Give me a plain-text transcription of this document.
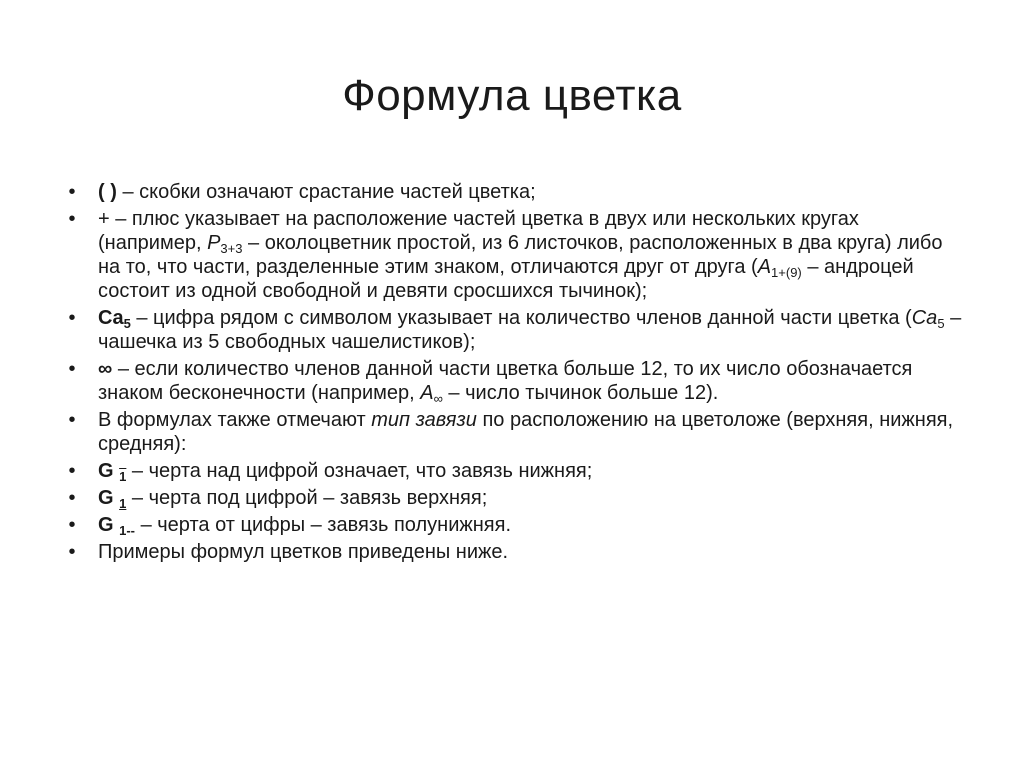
Формула цветка
•	( ) – скобки означают срастание частей цветка;
•	+ – плюс указывает на расположение частей цветка в двух или нескольких кругах (например, $P_{3+3}$ – околоцветник простой, из 6 листочков, расположенных в два круга) либо на то, что части, разделенные этим знаком, отличаются друг от друга ($A_{1+(9)}$ – андроцей состоит из одной свободной и девяти сросшихся тычинок);
•	$Ca_5$ – цифра рядом с символом указывает на количество членов данной части цветка ($Ca_5$ – чашечка из 5 свободных чашелистиков);
•	∞ – если количество членов данной части цветка больше 12, то их число обозначается знаком бесконечности (например, $A_\infty$ – число тычинок больше 12).
•	В формулах также отмечают тип завязи по расположению на цветоложе (верхняя, нижняя, средняя):
•	G $_1$ – черта над цифрой означает, что завязь нижняя;
•	G $_1$ – черта под цифрой – завязь верхняя;
•	G $_{1--}$ – черта от цифры – завязь полунижняя.
•	Примеры формул цветков приведены ниже.
